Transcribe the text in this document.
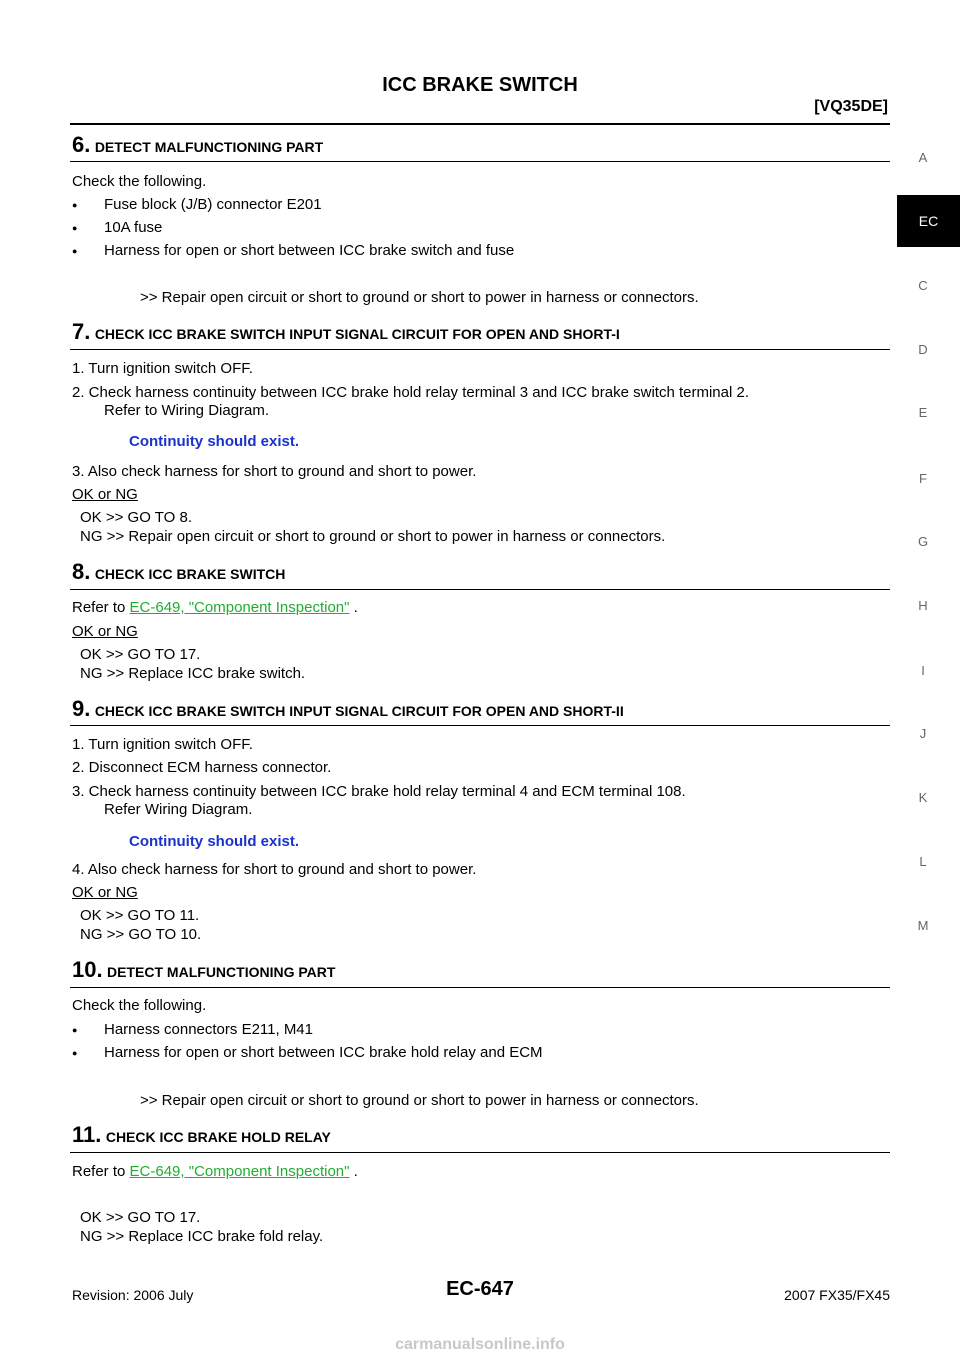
ICC BRAKE SWITCH
[VQ35DE]
A
EC
C
D
E
F
G
H
I
J
K
L
M
6. DETECT MALFUNCTIONING PART
Check the following.
● Fuse block (J/B) connector E201
● 10A fuse
● Harness for open or short between ICC brake switch and fuse
>> Repair open circuit or short to ground or short to power in harness or connectors.
7. CHECK ICC BRAKE SWITCH INPUT SIGNAL CIRCUIT FOR OPEN AND SHORT-I
1. Turn ignition switch OFF.
2. Check harness continuity between ICC brake hold relay terminal 3 and ICC brake switch terminal 2.
Refer to Wiring Diagram.
Continuity should exist.
3. Also check harness for short to ground and short to power.
OK or NG
OK >> GO TO 8.
NG >> Repair open circuit or short to ground or short to power in harness or connectors.
8. CHECK ICC BRAKE SWITCH
Refer to EC-649, "Component Inspection" .
OK or NG
OK >> GO TO 17.
NG >> Replace ICC brake switch.
9. CHECK ICC BRAKE SWITCH INPUT SIGNAL CIRCUIT FOR OPEN AND SHORT-II
1. Turn ignition switch OFF.
2. Disconnect ECM harness connector.
3. Check harness continuity between ICC brake hold relay terminal 4 and ECM terminal 108.
Refer Wiring Diagram.
Continuity should exist.
4. Also check harness for short to ground and short to power.
OK or NG
OK >> GO TO 11.
NG >> GO TO 10.
10. DETECT MALFUNCTIONING PART
Check the following.
● Harness connectors E211, M41
● Harness for open or short between ICC brake hold relay and ECM
>> Repair open circuit or short to ground or short to power in harness or connectors.
11. CHECK ICC BRAKE HOLD RELAY
Refer to EC-649, "Component Inspection" .
OK >> GO TO 17.
NG >> Replace ICC brake fold relay.
Revision: 2006 July	EC-647	2007 FX35/FX45
carmanualsonline.info
